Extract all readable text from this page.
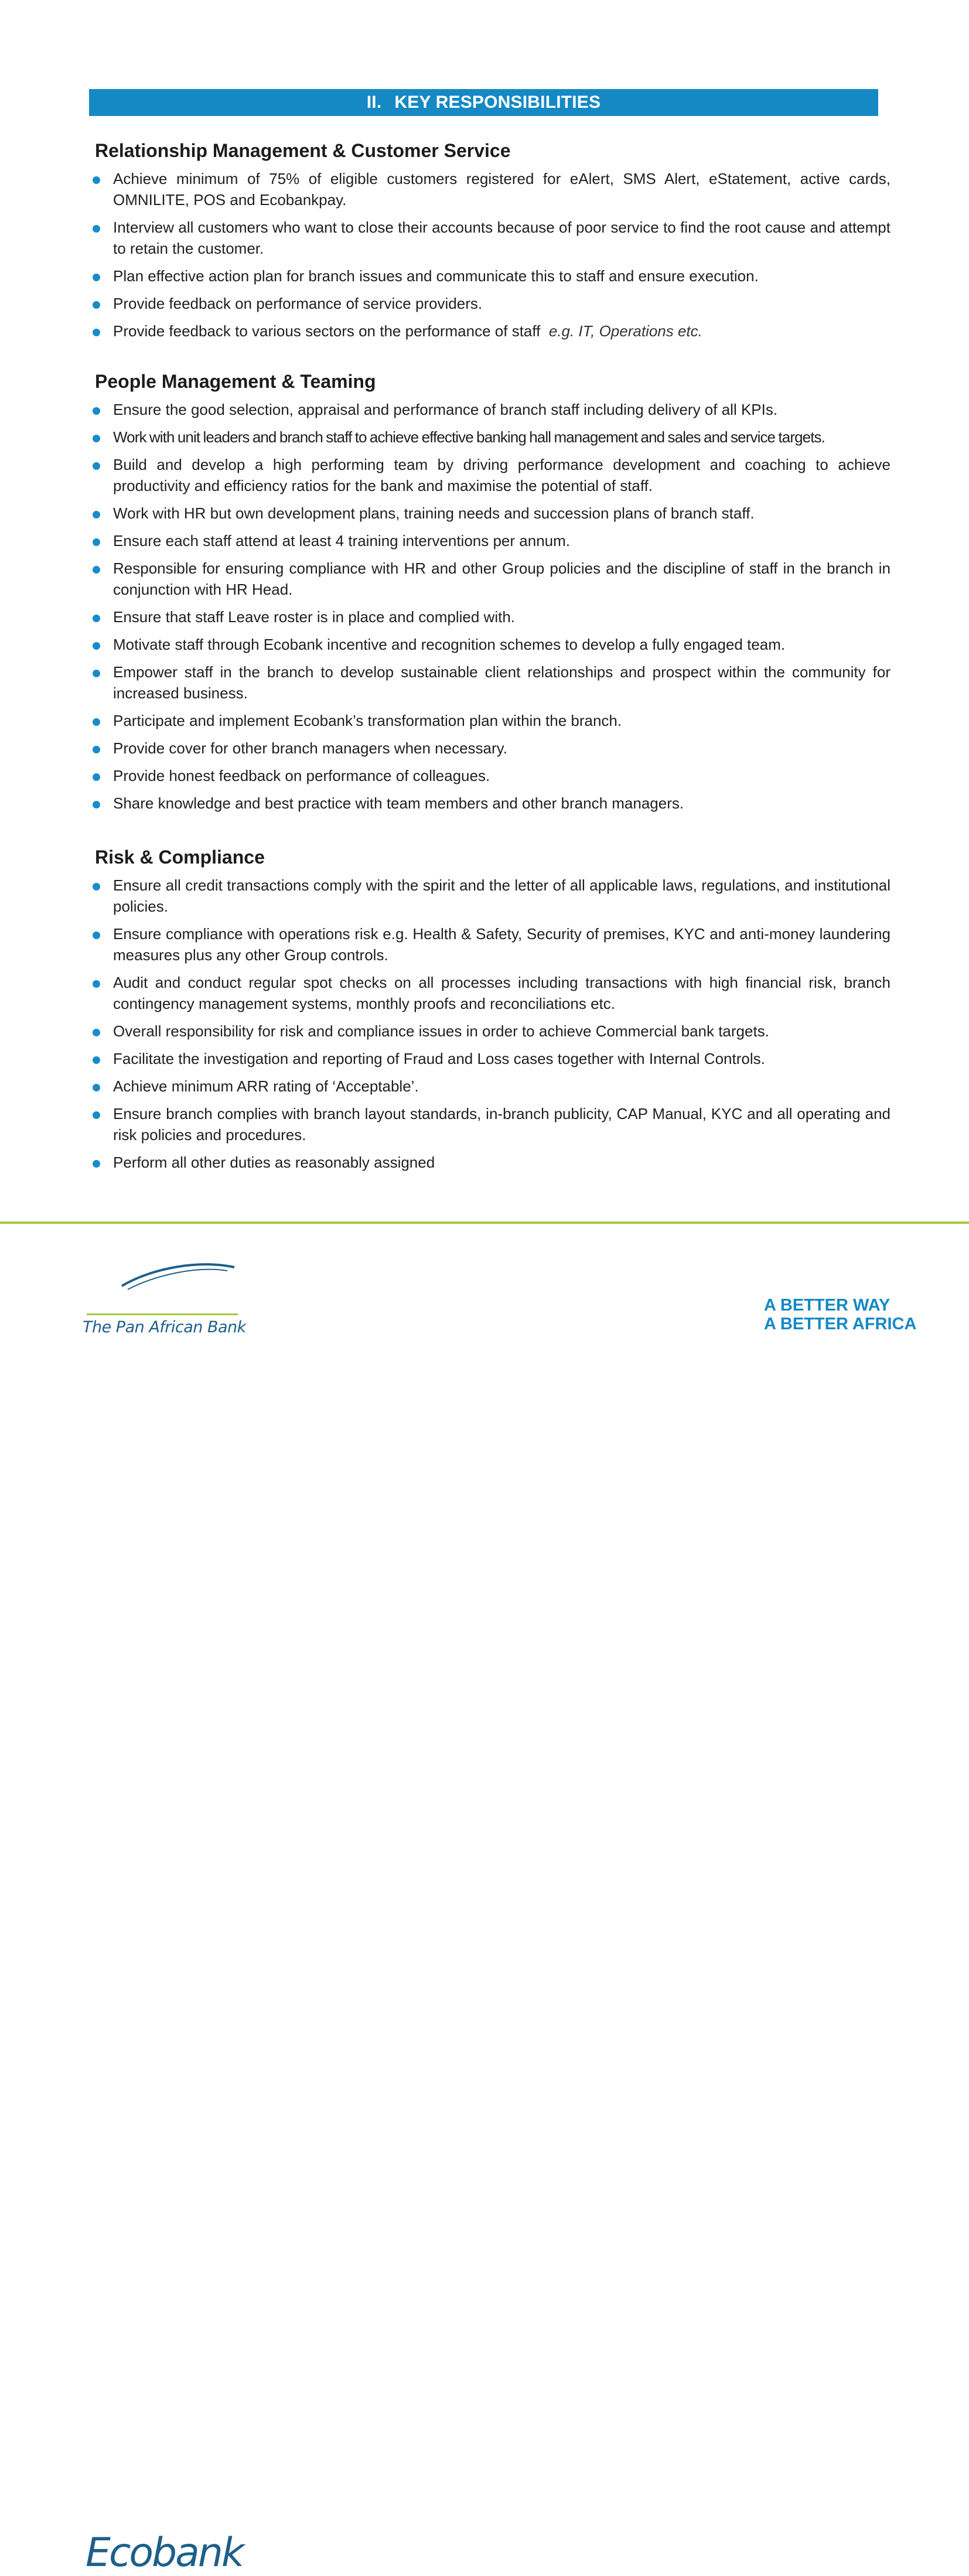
II. KEY RESPONSIBILITIES
Relationship Management & Customer Service
Achieve minimum of 75% of eligible customers registered for eAlert, SMS Alert, eStatement, active cards, OMNILITE, POS and Ecobankpay.
Interview all customers who want to close their accounts because of poor service to find the root cause and attempt to retain the customer.
Plan effective action plan for branch issues and communicate this to staff and ensure execution.
Provide feedback on performance of service providers.
Provide feedback to various sectors on the performance of staff e.g. IT, Operations etc.
People Management & Teaming
Ensure the good selection, appraisal and performance of branch staff including delivery of all KPIs.
Work with unit leaders and branch staff to achieve effective banking hall management and sales and service targets.
Build and develop a high performing team by driving performance development and coaching to achieve productivity and efficiency ratios for the bank and maximise the potential of staff.
Work with HR but own development plans, training needs and succession plans of branch staff.
Ensure each staff attend at least 4 training interventions per annum.
Responsible for ensuring compliance with HR and other Group policies and the discipline of staff in the branch in conjunction with HR Head.
Ensure that staff Leave roster is in place and complied with.
Motivate staff through Ecobank incentive and recognition schemes to develop a fully engaged team.
Empower staff in the branch to develop sustainable client relationships and prospect within the community for increased business.
Participate and implement Ecobank’s transformation plan within the branch.
Provide cover for other branch managers when necessary.
Provide honest feedback on performance of colleagues.
Share knowledge and best practice with team members and other branch managers.
Risk & Compliance
Ensure all credit transactions comply with the spirit and the letter of all applicable laws, regulations, and institutional policies.
Ensure compliance with operations risk e.g. Health & Safety, Security of premises, KYC and anti-money laundering measures plus any other Group controls.
Audit and conduct regular spot checks on all processes including transactions with high financial risk, branch contingency management systems, monthly proofs and reconciliations etc.
Overall responsibility for risk and compliance issues in order to achieve Commercial bank targets.
Facilitate the investigation and reporting of Fraud and Loss cases together with Internal Controls.
Achieve minimum ARR rating of ‘Acceptable’.
Ensure branch complies with branch layout standards, in-branch publicity, CAP Manual, KYC and all operating and risk policies and procedures.
Perform all other duties as reasonably assigned
Ecobank
The Pan African Bank
A BETTER WAY
A BETTER AFRICA
